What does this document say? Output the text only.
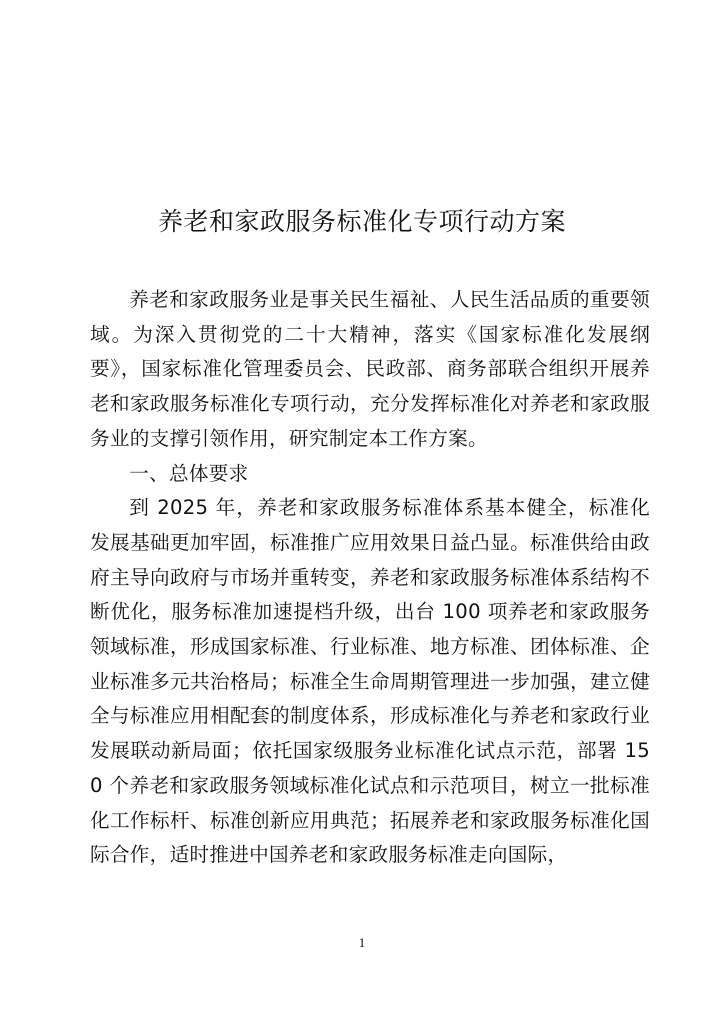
养老和家政服务标准化专项行动方案

养老和家政服务业是事关民生福祉、人民生活品质的重要领域。为深入贯彻党的二十大精神，落实《国家标准化发展纲要》，国家标准化管理委员会、民政部、商务部联合组织开展养老和家政服务标准化专项行动，充分发挥标准化对养老和家政服务业的支撑引领作用，研究制定本工作方案。

一、总体要求

到 2025 年，养老和家政服务标准体系基本健全，标准化发展基础更加牢固，标准推广应用效果日益凸显。标准供给由政府主导向政府与市场并重转变，养老和家政服务标准体系结构不断优化，服务标准加速提档升级，出台 100 项养老和家政服务领域标准，形成国家标准、行业标准、地方标准、团体标准、企业标准多元共治格局；标准全生命周期管理进一步加强，建立健全与标准应用相配套的制度体系，形成标准化与养老和家政行业发展联动新局面；依托国家级服务业标准化试点示范，部署 150 个养老和家政服务领域标准化试点和示范项目，树立一批标准化工作标杆、标准创新应用典范；拓展养老和家政服务标准化国际合作，适时推进中国养老和家政服务标准走向国际，

1
